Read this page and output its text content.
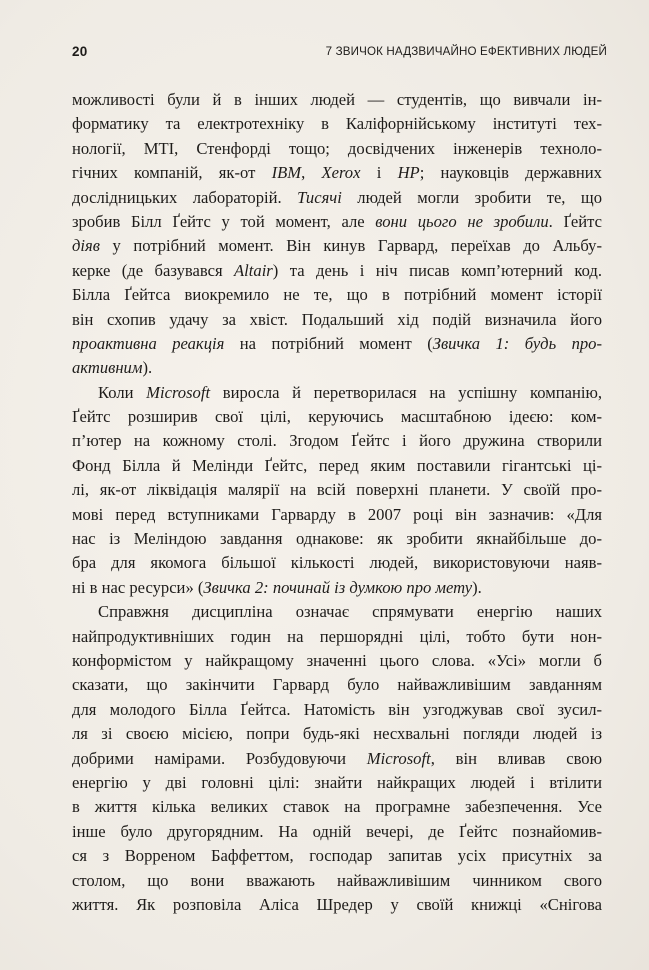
20	7 ЗВИЧОК НАДЗВИЧАЙНО ЕФЕКТИВНИХ ЛЮДЕЙ
можливості були й в інших людей — студентів, що вивчали ін-
форматику та електротехніку в Каліфорнійському інституті тех-
нології, MTI, Стенфорді тощо; досвідчених інженерів техноло-
гічних компаній, як-от IBM, Xerox і HP; науковців державних
дослідницьких лабораторій. Тисячі людей могли зробити те, що
зробив Білл Ґейтс у той момент, але вони цього не зробили. Ґейтс
діяв у потрібний момент. Він кинув Гарвард, переїхав до Альбу-
керке (де базувався Altair) та день і ніч писав комп’ютерний код.
Білла Ґейтса виокремило не те, що в потрібний момент історії
він схопив удачу за хвіст. Подальший хід подій визначила його
проактивна реакція на потрібний момент (Звичка 1: будь про-
активним).
Коли Microsoft виросла й перетворилася на успішну компанію,
Ґейтс розширив свої цілі, керуючись масштабною ідеєю: ком-
п’ютер на кожному столі. Згодом Ґейтс і його дружина створили
Фонд Білла й Мелінди Ґейтс, перед яким поставили гігантські ці-
лі, як-от ліквідація малярії на всій поверхні планети. У своїй про-
мові перед вступниками Гарварду в 2007 році він зазначив: «Для
нас із Меліндою завдання однакове: як зробити якнайбільше до-
бра для якомога більшої кількості людей, використовуючи наяв-
ні в нас ресурси» (Звичка 2: починай із думкою про мету).
Справжня дисципліна означає спрямувати енергію наших
найпродуктивніших годин на першорядні цілі, тобто бути нон-
конформістом у найкращому значенні цього слова. «Усі» могли б
сказати, що закінчити Гарвард було найважливішим завданням
для молодого Білла Ґейтса. Натомість він узгоджував свої зусил-
ля зі своєю місією, попри будь-які несхвальні погляди людей із
добрими намірами. Розбудовуючи Microsoft, він вливав свою
енергію у дві головні цілі: знайти найкращих людей і втілити
в життя кілька великих ставок на програмне забезпечення. Усе
інше було другорядним. На одній вечері, де Ґейтс познайомив-
ся з Ворреном Баффеттом, господар запитав усіх присутніх за
столом, що вони вважають найважливішим чинником свого
життя. Як розповіла Аліса Шредер у своїй книжці «Снігова
